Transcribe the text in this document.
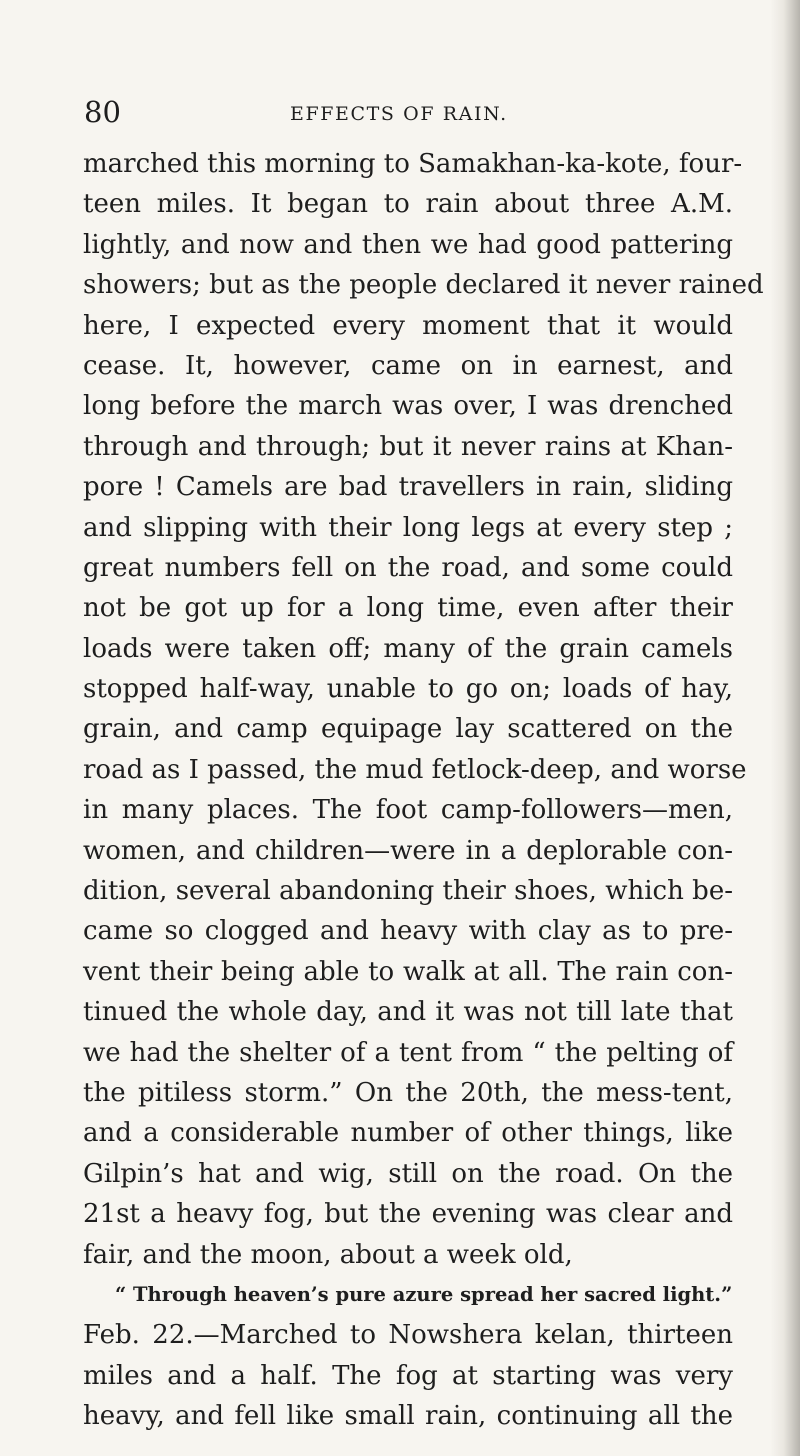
80	EFFECTS OF RAIN.
marched this morning to Samakhan-ka-kote, four-
teen miles. It began to rain about three A.M.
lightly, and now and then we had good pattering
showers; but as the people declared it never rained
here, I expected every moment that it would
cease. It, however, came on in earnest, and
long before the march was over, I was drenched
through and through; but it never rains at Khan-
pore ! Camels are bad travellers in rain, sliding
and slipping with their long legs at every step ;
great numbers fell on the road, and some could
not be got up for a long time, even after their
loads were taken off; many of the grain camels
stopped half-way, unable to go on; loads of hay,
grain, and camp equipage lay scattered on the
road as I passed, the mud fetlock-deep, and worse
in many places. The foot camp-followers—men,
women, and children—were in a deplorable con-
dition, several abandoning their shoes, which be-
came so clogged and heavy with clay as to pre-
vent their being able to walk at all. The rain con-
tinued the whole day, and it was not till late that
we had the shelter of a tent from “ the pelting of
the pitiless storm.” On the 20th, the mess-tent,
and a considerable number of other things, like
Gilpin’s hat and wig, still on the road. On the
21st a heavy fog, but the evening was clear and
fair, and the moon, about a week old,
“ Through heaven’s pure azure spread her sacred light.”
Feb. 22.—Marched to Nowshera kelan, thirteen
miles and a half. The fog at starting was very
heavy, and fell like small rain, continuing all the
